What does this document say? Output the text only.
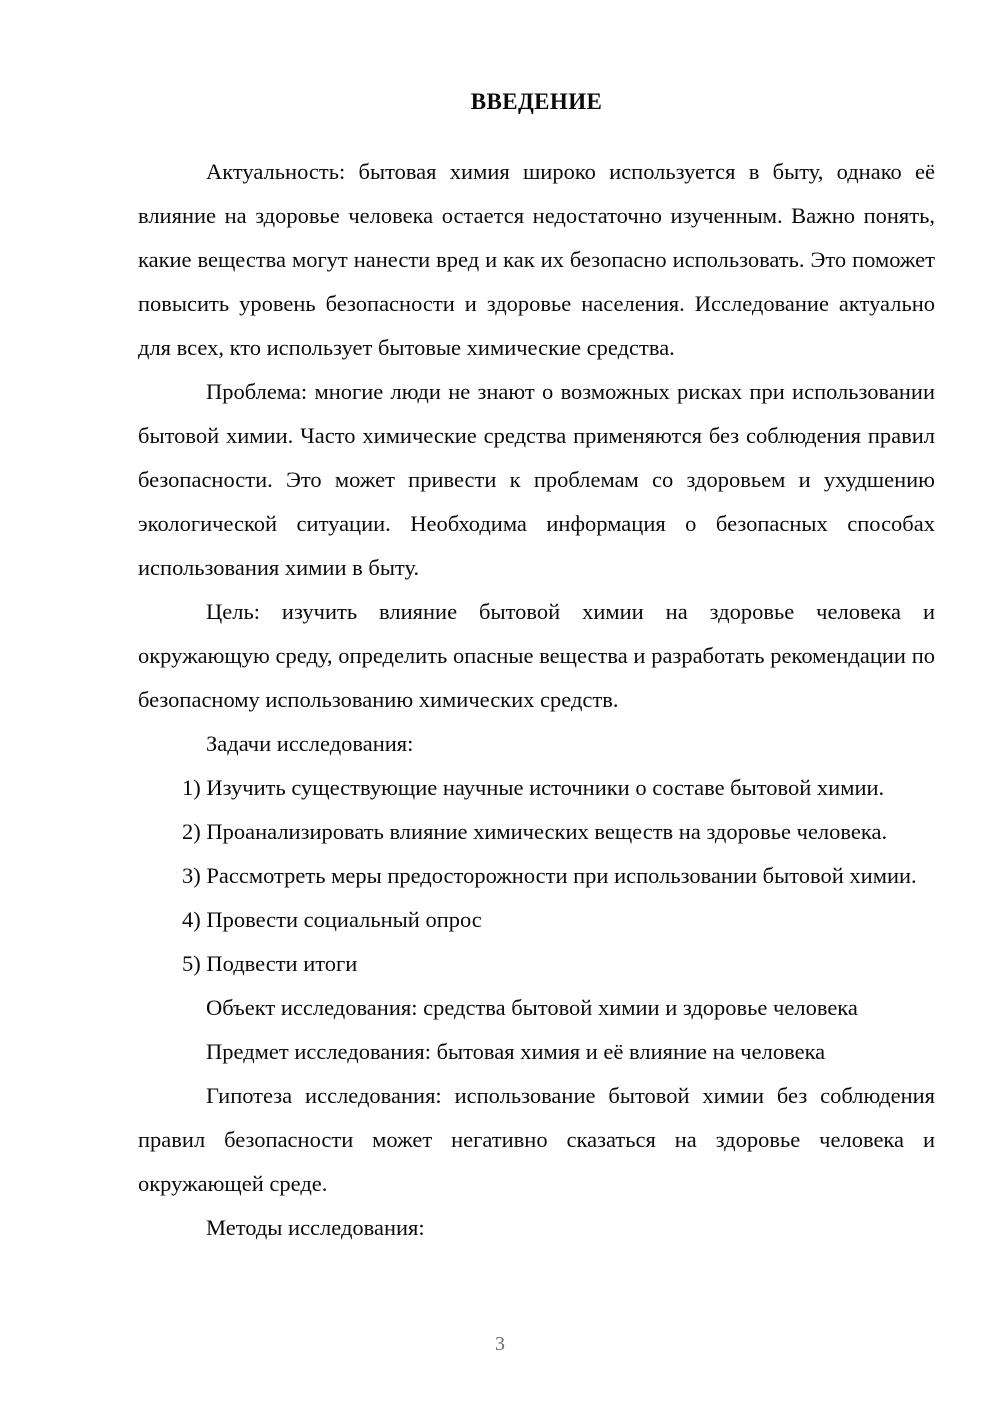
ВВЕДЕНИЕ

Актуальность: бытовая химия широко используется в быту, однако её влияние на здоровье человека остается недостаточно изученным. Важно понять, какие вещества могут нанести вред и как их безопасно использовать. Это поможет повысить уровень безопасности и здоровье населения. Исследование актуально для всех, кто использует бытовые химические средства.

Проблема: многие люди не знают о возможных рисках при использовании бытовой химии. Часто химические средства применяются без соблюдения правил безопасности. Это может привести к проблемам со здоровьем и ухудшению экологической ситуации. Необходима информация о безопасных способах использования химии в быту.

Цель: изучить влияние бытовой химии на здоровье человека и окружающую среду, определить опасные вещества и разработать рекомендации по безопасному использованию химических средств.

Задачи исследования:

1) Изучить существующие научные источники о составе бытовой химии.

2) Проанализировать влияние химических веществ на здоровье человека.

3) Рассмотреть меры предосторожности при использовании бытовой химии.

4) Провести социальный опрос

5) Подвести итоги

Объект исследования: средства бытовой химии и здоровье человека

Предмет исследования: бытовая химия и её влияние на человека

Гипотеза исследования: использование бытовой химии без соблюдения правил безопасности может негативно сказаться на здоровье человека и окружающей среде.

Методы исследования:

3
